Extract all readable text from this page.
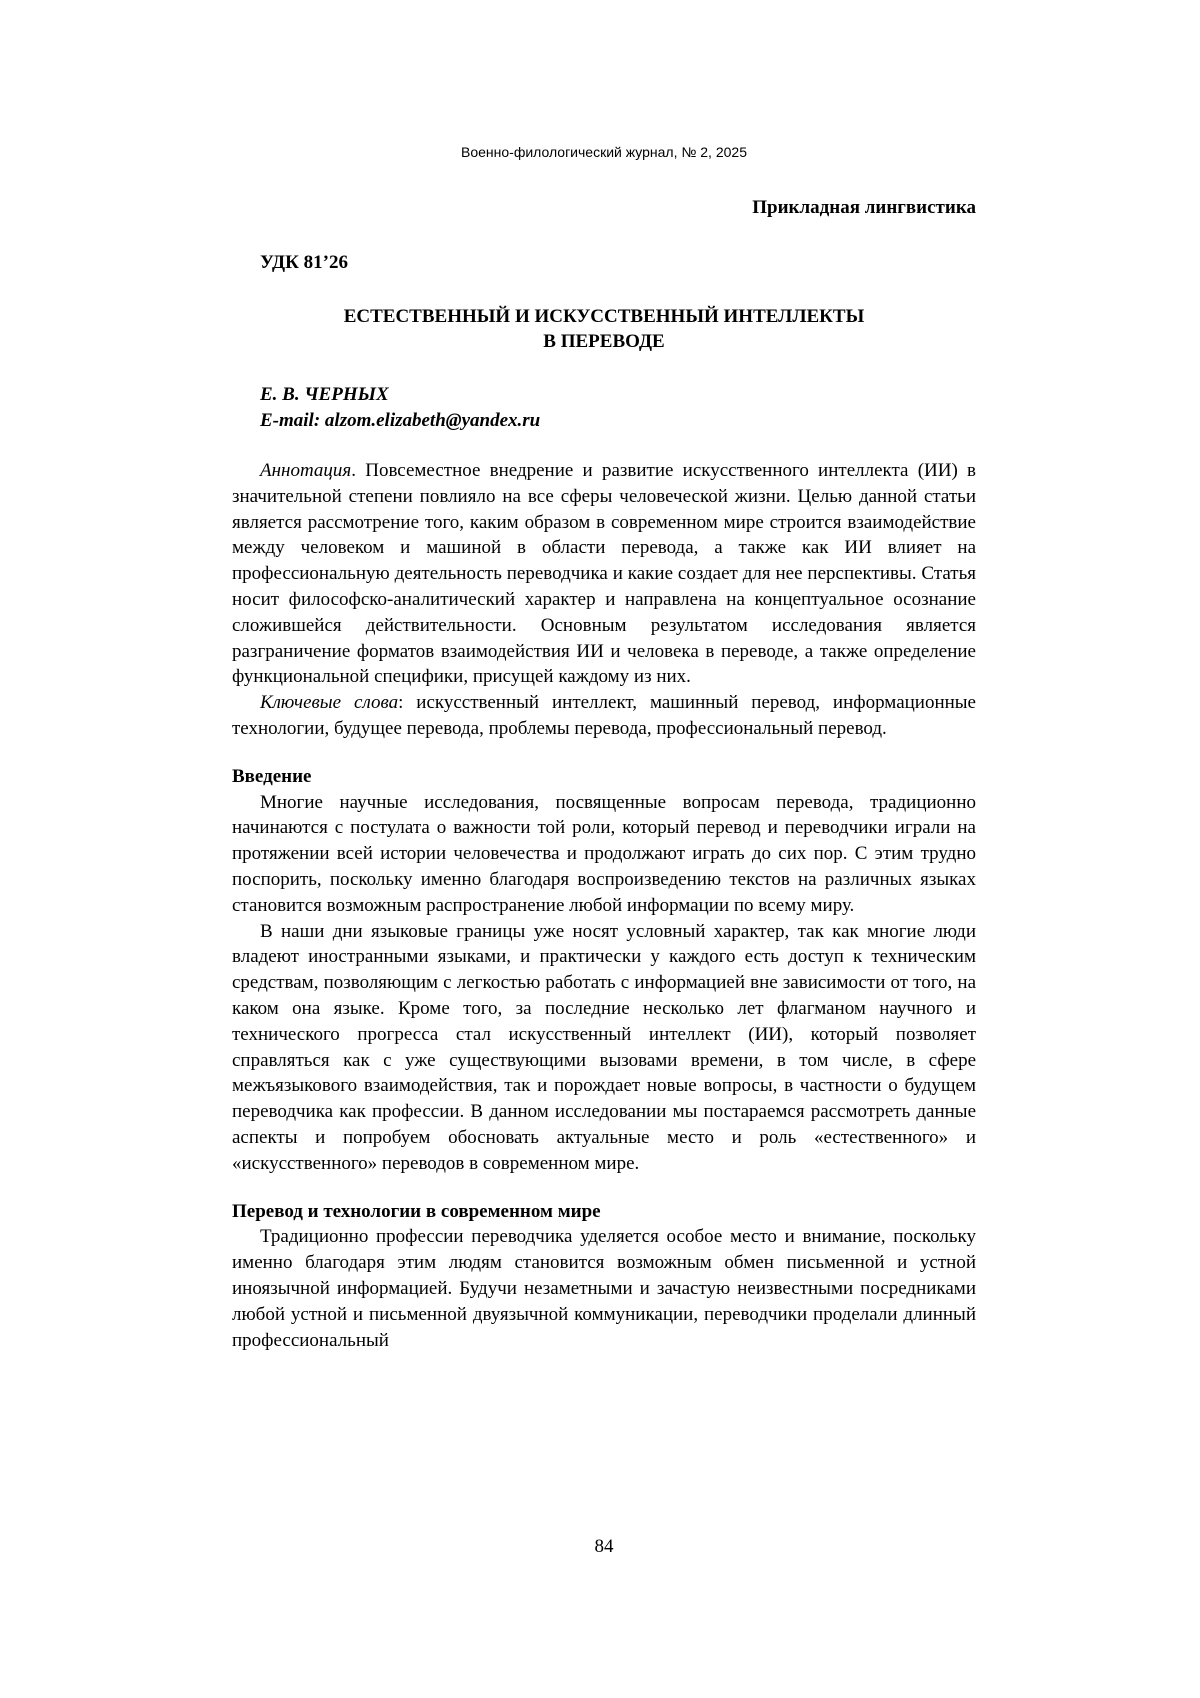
Военно-филологический журнал, № 2, 2025
Прикладная лингвистика
УДК 81’26
ЕСТЕСТВЕННЫЙ И ИСКУССТВЕННЫЙ ИНТЕЛЛЕКТЫ
В ПЕРЕВОДЕ
Е. В. ЧЕРНЫХ
E-mail: alzom.elizabeth@yandex.ru

Аннотация. Повсеместное внедрение и развитие искусственного интеллекта (ИИ) в значительной степени повлияло на все сферы человеческой жизни. Целью данной статьи является рассмотрение того, каким образом в современном мире строится взаимодействие между человеком и машиной в области перевода, а также как ИИ влияет на профессиональную деятельность переводчика и какие создает для нее перспективы. Статья носит философско-аналитический характер и направлена на концептуальное осознание сложившейся действительности. Основным результатом исследования является разграничение форматов взаимодействия ИИ и человека в переводе, а также определение функциональной специфики, присущей каждому из них.

Ключевые слова: искусственный интеллект, машинный перевод, информационные технологии, будущее перевода, проблемы перевода, профессиональный перевод.

Введение

Многие научные исследования, посвященные вопросам перевода, традиционно начинаются с постулата о важности той роли, который перевод и переводчики играли на протяжении всей истории человечества и продолжают играть до сих пор. С этим трудно поспорить, поскольку именно благодаря воспроизведению текстов на различных языках становится возможным распространение любой информации по всему миру.

В наши дни языковые границы уже носят условный характер, так как многие люди владеют иностранными языками, и практически у каждого есть доступ к техническим средствам, позволяющим с легкостью работать с информацией вне зависимости от того, на каком она языке. Кроме того, за последние несколько лет флагманом научного и технического прогресса стал искусственный интеллект (ИИ), который позволяет справляться как с уже существующими вызовами времени, в том числе, в сфере межъязыкового взаимодействия, так и порождает новые вопросы, в частности о будущем переводчика как профессии. В данном исследовании мы постараемся рассмотреть данные аспекты и попробуем обосновать актуальные место и роль «естественного» и «искусственного» переводов в современном мире.

Перевод и технологии в современном мире

Традиционно профессии переводчика уделяется особое место и внимание, поскольку именно благодаря этим людям становится возможным обмен письменной и устной иноязычной информацией. Будучи незаметными и зачастую неизвестными посредниками любой устной и письменной двуязычной коммуникации, переводчики проделали длинный профессиональный

84
